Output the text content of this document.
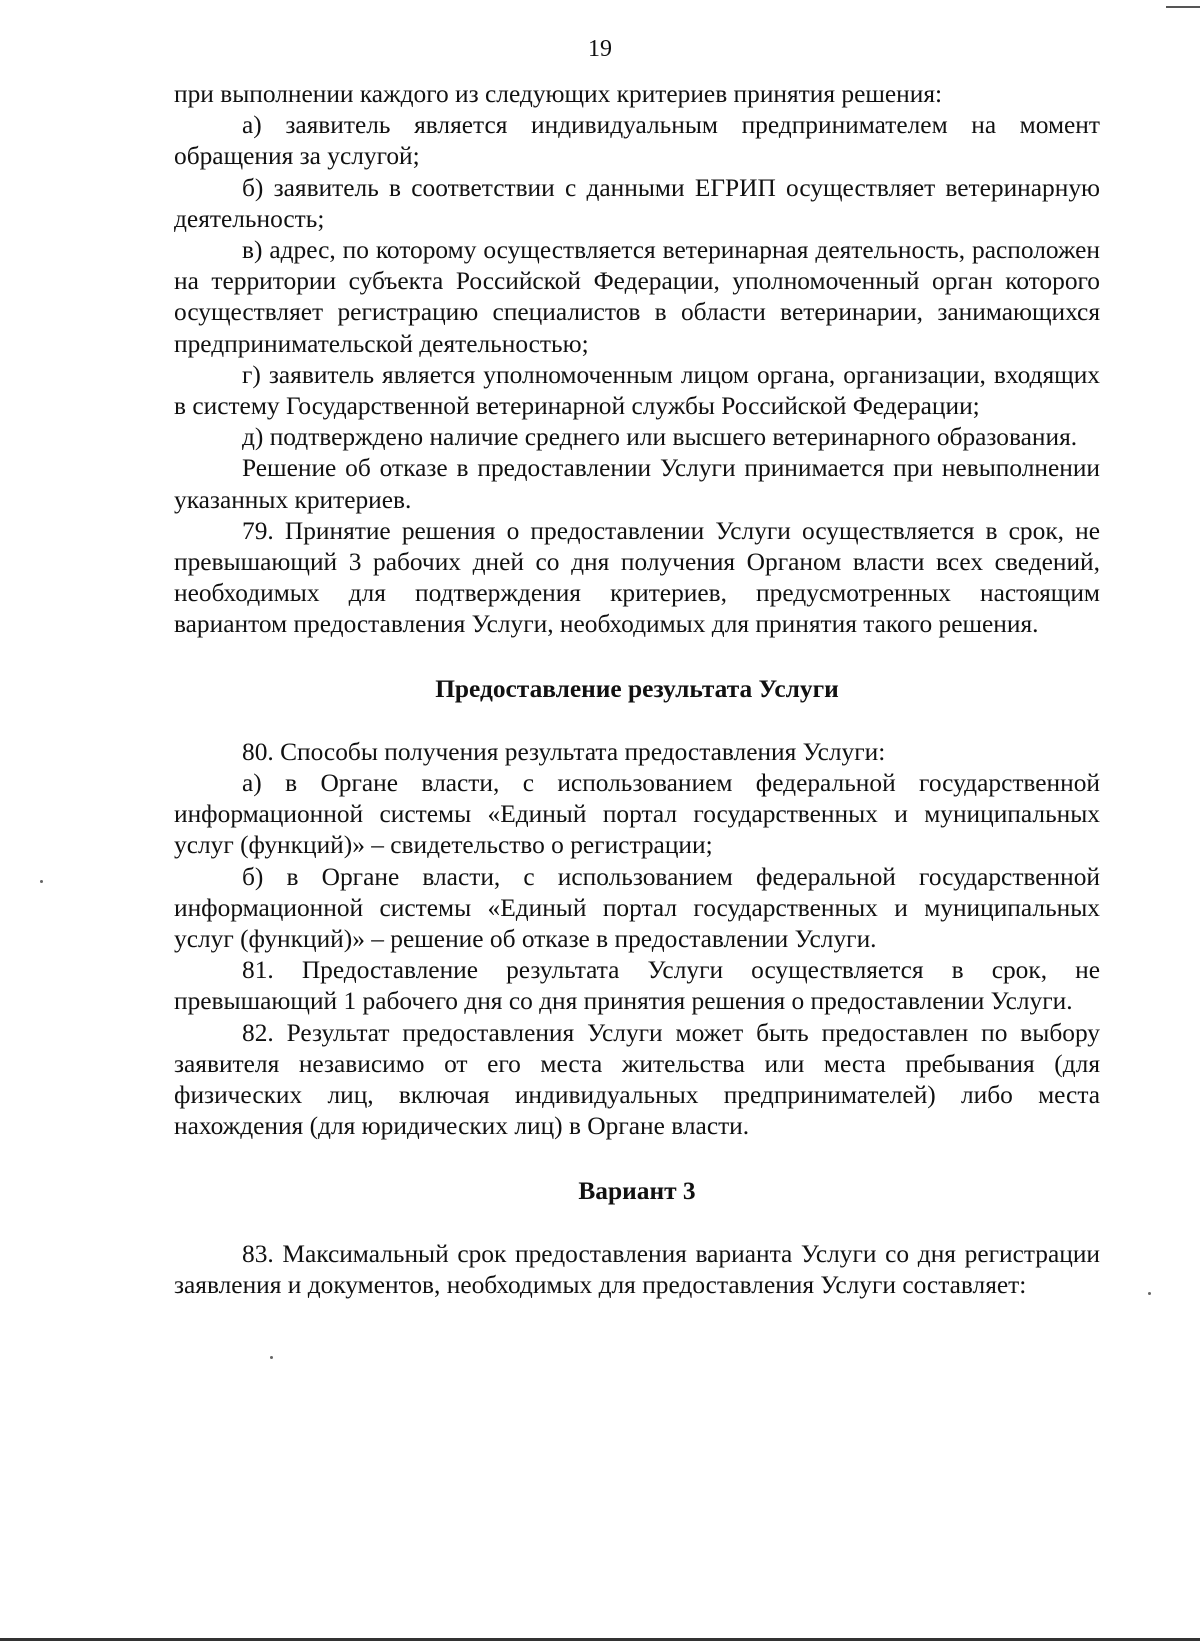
19

при выполнении каждого из следующих критериев принятия решения:

а) заявитель является индивидуальным предпринимателем на момент обращения за услугой;

б) заявитель в соответствии с данными ЕГРИП осуществляет ветеринарную деятельность;

в) адрес, по которому осуществляется ветеринарная деятельность, расположен на территории субъекта Российской Федерации, уполномоченный орган которого осуществляет регистрацию специалистов в области ветеринарии, занимающихся предпринимательской деятельностью;

г) заявитель является уполномоченным лицом органа, организации, входящих в систему Государственной ветеринарной службы Российской Федерации;

д) подтверждено наличие среднего или высшего ветеринарного образования.

Решение об отказе в предоставлении Услуги принимается при невыполнении указанных критериев.

79. Принятие решения о предоставлении Услуги осуществляется в срок, не превышающий 3 рабочих дней со дня получения Органом власти всех сведений, необходимых для подтверждения критериев, предусмотренных настоящим вариантом предоставления Услуги, необходимых для принятия такого решения.

Предоставление результата Услуги

80. Способы получения результата предоставления Услуги:

а) в Органе власти, с использованием федеральной государственной информационной системы «Единый портал государственных и муниципальных услуг (функций)» – свидетельство о регистрации;

б) в Органе власти, с использованием федеральной государственной информационной системы «Единый портал государственных и муниципальных услуг (функций)» – решение об отказе в предоставлении Услуги.

81. Предоставление результата Услуги осуществляется в срок, не превышающий 1 рабочего дня со дня принятия решения о предоставлении Услуги.

82. Результат предоставления Услуги может быть предоставлен по выбору заявителя независимо от его места жительства или места пребывания (для физических лиц, включая индивидуальных предпринимателей) либо места нахождения (для юридических лиц) в Органе власти.

Вариант 3

83. Максимальный срок предоставления варианта Услуги со дня регистрации заявления и документов, необходимых для предоставления Услуги составляет:
